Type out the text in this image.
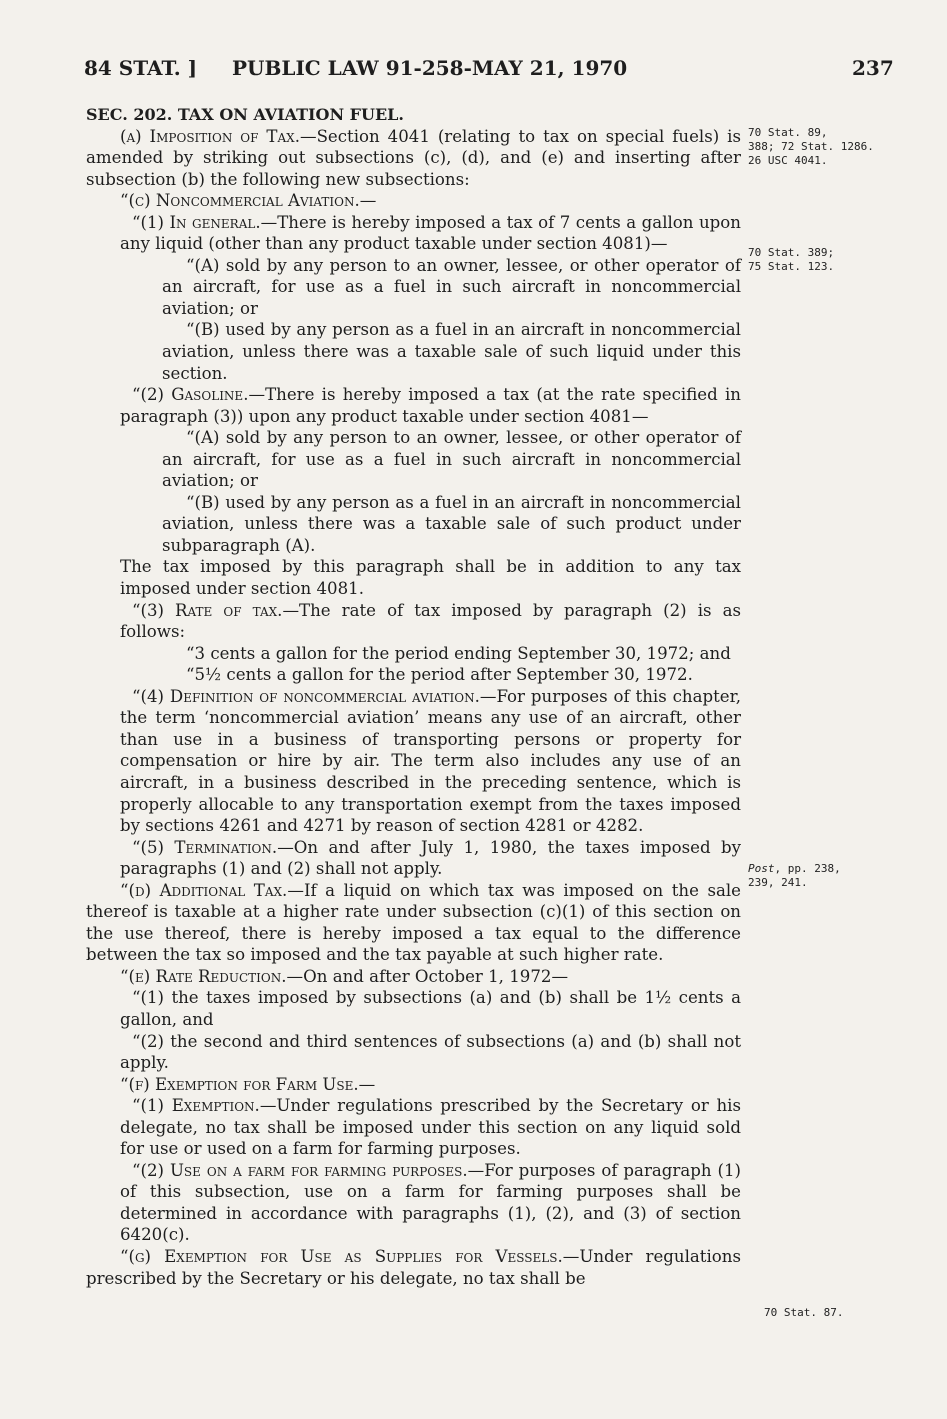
84 STAT. ] PUBLIC LAW 91-258-MAY 21, 1970	237

SEC. 202. TAX ON AVIATION FUEL.

(a) Imposition of Tax.—Section 4041 (relating to tax on special fuels) is amended by striking out subsections (c), (d), and (e) and inserting after subsection (b) the following new subsections:

“(c) Noncommercial Aviation.—

“(1) In general.—There is hereby imposed a tax of 7 cents a gallon upon any liquid (other than any product taxable under section 4081)—

“(A) sold by any person to an owner, lessee, or other operator of an aircraft, for use as a fuel in such aircraft in noncommercial aviation; or

“(B) used by any person as a fuel in an aircraft in noncommercial aviation, unless there was a taxable sale of such liquid under this section.

“(2) Gasoline.—There is hereby imposed a tax (at the rate specified in paragraph (3)) upon any product taxable under section 4081—

“(A) sold by any person to an owner, lessee, or other operator of an aircraft, for use as a fuel in such aircraft in noncommercial aviation; or

“(B) used by any person as a fuel in an aircraft in noncommercial aviation, unless there was a taxable sale of such product under subparagraph (A).

The tax imposed by this paragraph shall be in addition to any tax imposed under section 4081.

“(3) Rate of tax.—The rate of tax imposed by paragraph (2) is as follows:

“3 cents a gallon for the period ending September 30, 1972; and

“5½ cents a gallon for the period after September 30, 1972.

“(4) Definition of noncommercial aviation.—For purposes of this chapter, the term ‘noncommercial aviation’ means any use of an aircraft, other than use in a business of transporting persons or property for compensation or hire by air. The term also includes any use of an aircraft, in a business described in the preceding sentence, which is properly allocable to any transportation exempt from the taxes imposed by sections 4261 and 4271 by reason of section 4281 or 4282.

“(5) Termination.—On and after July 1, 1980, the taxes imposed by paragraphs (1) and (2) shall not apply.

“(d) Additional Tax.—If a liquid on which tax was imposed on the sale thereof is taxable at a higher rate under subsection (c)(1) of this section on the use thereof, there is hereby imposed a tax equal to the difference between the tax so imposed and the tax payable at such higher rate.

“(e) Rate Reduction.—On and after October 1, 1972—

“(1) the taxes imposed by subsections (a) and (b) shall be 1½ cents a gallon, and

“(2) the second and third sentences of subsections (a) and (b) shall not apply.

“(f) Exemption for Farm Use.—

“(1) Exemption.—Under regulations prescribed by the Secretary or his delegate, no tax shall be imposed under this section on any liquid sold for use or used on a farm for farming purposes.

“(2) Use on a farm for farming purposes.—For purposes of paragraph (1) of this subsection, use on a farm for farming purposes shall be determined in accordance with paragraphs (1), (2), and (3) of section 6420(c).

“(g) Exemption for Use as Supplies for Vessels.—Under regulations prescribed by the Secretary or his delegate, no tax shall be

70 Stat. 89,
388; 72 Stat. 1286.
26 USC 4041.
70 Stat. 389;
75 Stat. 123.
Post, pp. 238,
239, 241.
70 Stat. 87.
